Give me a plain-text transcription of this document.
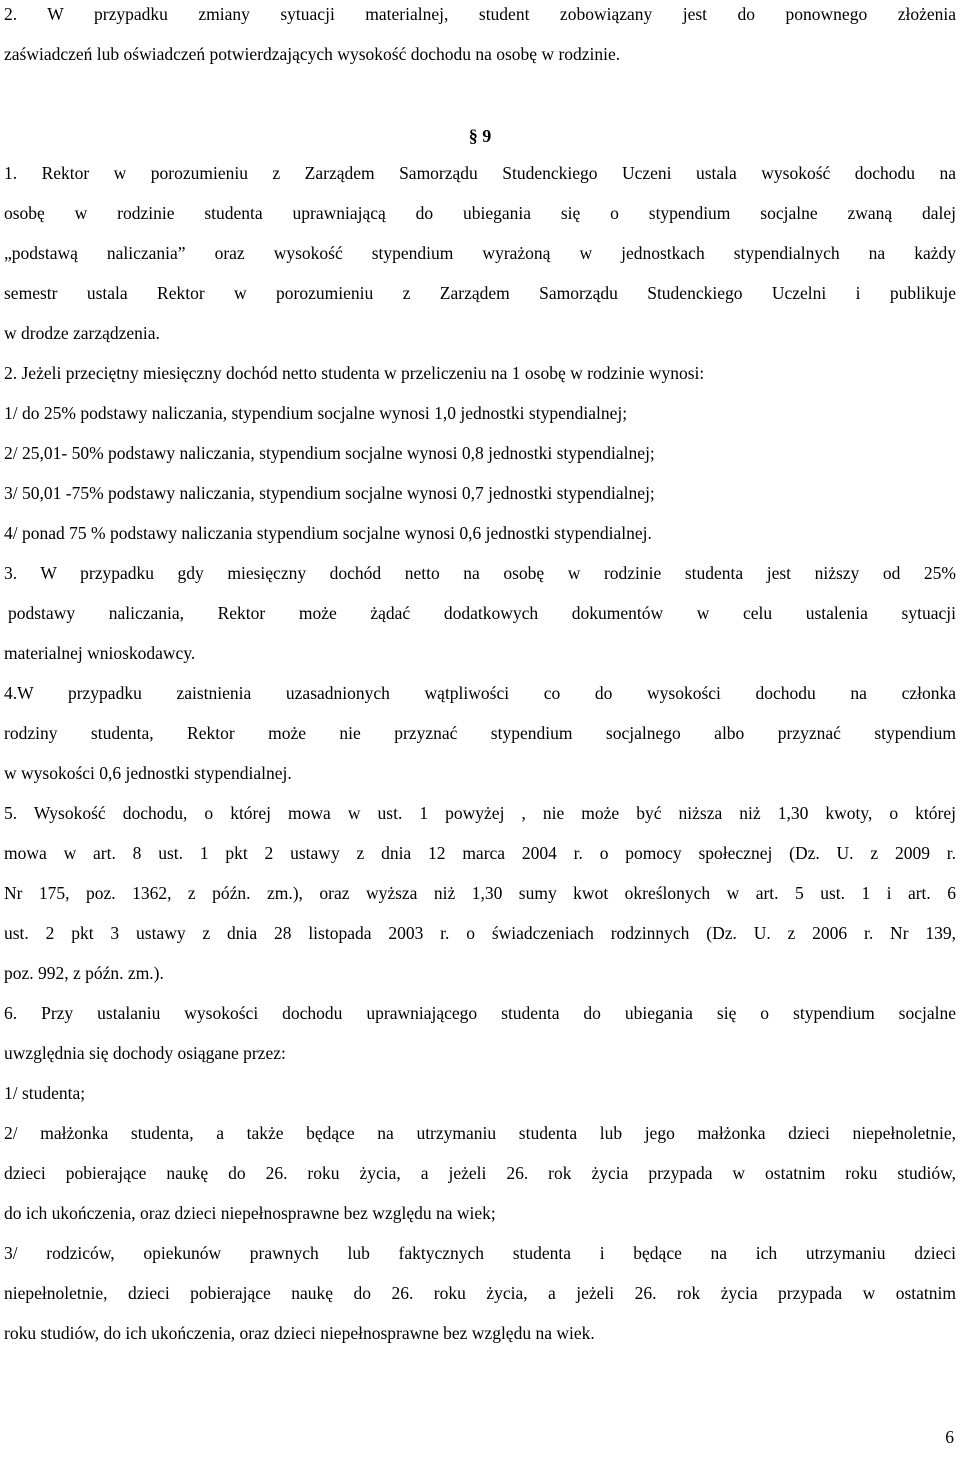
2. W przypadku zmiany sytuacji materialnej, student zobowiązany jest do ponownego złożenia
zaświadczeń lub oświadczeń potwierdzających wysokość dochodu na osobę w rodzinie.
§ 9
1. Rektor w porozumieniu z Zarządem Samorządu Studenckiego Uczeni ustala wysokość dochodu na
osobę w rodzinie studenta uprawniającą do ubiegania się o stypendium socjalne zwaną dalej
„podstawą naliczania” oraz wysokość stypendium wyrażoną w jednostkach stypendialnych na każdy
semestr ustala Rektor w porozumieniu z Zarządem Samorządu Studenckiego Uczelni i publikuje
w drodze zarządzenia.
2. Jeżeli przeciętny miesięczny dochód netto studenta w przeliczeniu na 1 osobę w rodzinie wynosi:
1/ do 25% podstawy naliczania, stypendium socjalne wynosi 1,0 jednostki stypendialnej;
2/ 25,01- 50% podstawy naliczania, stypendium socjalne wynosi 0,8 jednostki stypendialnej;
3/ 50,01 -75% podstawy naliczania, stypendium socjalne wynosi 0,7 jednostki stypendialnej;
4/ ponad 75 % podstawy naliczania stypendium socjalne wynosi 0,6 jednostki stypendialnej.
3. W przypadku gdy miesięczny dochód netto na osobę w rodzinie studenta jest niższy od 25%
podstawy naliczania, Rektor może żądać dodatkowych dokumentów w celu ustalenia sytuacji
materialnej wnioskodawcy.
4.W przypadku zaistnienia uzasadnionych wątpliwości co do wysokości dochodu na członka
rodziny studenta, Rektor może nie przyznać stypendium socjalnego albo przyznać stypendium
w wysokości 0,6 jednostki stypendialnej.
5. Wysokość dochodu, o której mowa w ust. 1 powyżej , nie może być niższa niż 1,30 kwoty, o której
mowa w art. 8 ust. 1 pkt 2 ustawy z dnia 12 marca 2004 r. o pomocy społecznej (Dz. U. z 2009 r.
Nr 175, poz. 1362, z późn. zm.), oraz wyższa niż 1,30 sumy kwot określonych w art. 5 ust. 1 i art. 6
ust. 2 pkt 3 ustawy z dnia 28 listopada 2003 r. o świadczeniach rodzinnych (Dz. U. z 2006 r. Nr 139,
poz. 992, z późn. zm.).
6. Przy ustalaniu wysokości dochodu uprawniającego studenta do ubiegania się o stypendium socjalne
uwzględnia się dochody osiągane przez:
1/ studenta;
2/ małżonka studenta, a także będące na utrzymaniu studenta lub jego małżonka dzieci niepełnoletnie,
dzieci pobierające naukę do 26. roku życia, a jeżeli 26. rok życia przypada w ostatnim roku studiów,
do ich ukończenia, oraz dzieci niepełnosprawne bez względu na wiek;
3/ rodziców, opiekunów prawnych lub faktycznych studenta i będące na ich utrzymaniu dzieci
niepełnoletnie, dzieci pobierające naukę do 26. roku życia, a jeżeli 26. rok życia przypada w ostatnim
roku studiów, do ich ukończenia, oraz dzieci niepełnosprawne bez względu na wiek.
6
